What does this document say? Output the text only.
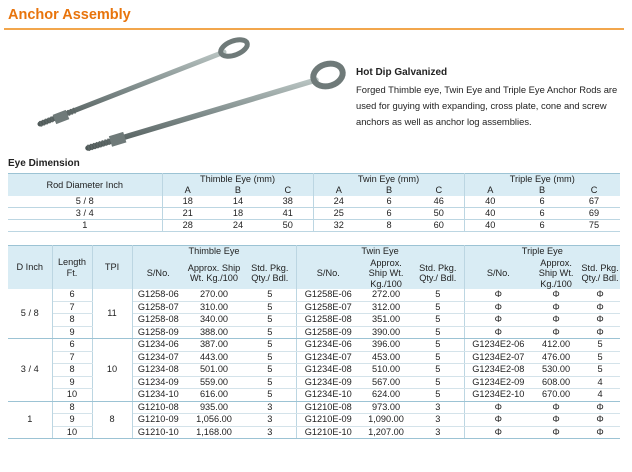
Anchor Assembly
Hot Dip Galvanized
Forged Thimble eye, Twin Eye and Triple Eye Anchor Rods are used for guying with expanding, cross plate, cone and screw anchors as well as anchor log assemblies.
Eye Dimension
Rod Diameter Inch	Thimble Eye (mm)			Twin Eye (mm)			Triple Eye (mm)		
	A	B	C	A	B	C	A	B	C
5 / 8	18	14	38	24	6	46	40	6	67
3 / 4	21	18	41	25	6	50	40	6	69
1	28	24	50	32	8	60	40	6	75
D Inch	Length Ft.	TPI	Thimble Eye			Twin Eye			Triple Eye		
			S/No.	Approx. Ship Wt. Kg./100	Std. Pkg. Qty./ Bdl.	S/No.	Approx. Ship Wt. Kg./100	Std. Pkg. Qty./ Bdl.	S/No.	Approx. Ship Wt. Kg./100	Std. Pkg. Qty./ Bdl.
5 / 8	6	11	G1258-06	270.00	5	G1258E-06	272.00	5	Φ	Φ	Φ
	7		G1258-07	310.00	5	G1258E-07	312.00	5	Φ	Φ	Φ
	8		G1258-08	340.00	5	G1258E-08	351.00	5	Φ	Φ	Φ
	9		G1258-09	388.00	5	G1258E-09	390.00	5	Φ	Φ	Φ
3 / 4	6	10	G1234-06	387.00	5	G1234E-06	396.00	5	G1234E2-06	412.00	5
	7		G1234-07	443.00	5	G1234E-07	453.00	5	G1234E2-07	476.00	5
	8		G1234-08	501.00	5	G1234E-08	510.00	5	G1234E2-08	530.00	5
	9		G1234-09	559.00	5	G1234E-09	567.00	5	G1234E2-09	608.00	4
	10		G1234-10	616.00	5	G1234E-10	624.00	5	G1234E2-10	670.00	4
1	8	8	G1210-08	935.00	3	G1210E-08	973.00	3	Φ	Φ	Φ
	9		G1210-09	1,056.00	3	G1210E-09	1,090.00	3	Φ	Φ	Φ
	10		G1210-10	1,168.00	3	G1210E-10	1,207.00	3	Φ	Φ	Φ
